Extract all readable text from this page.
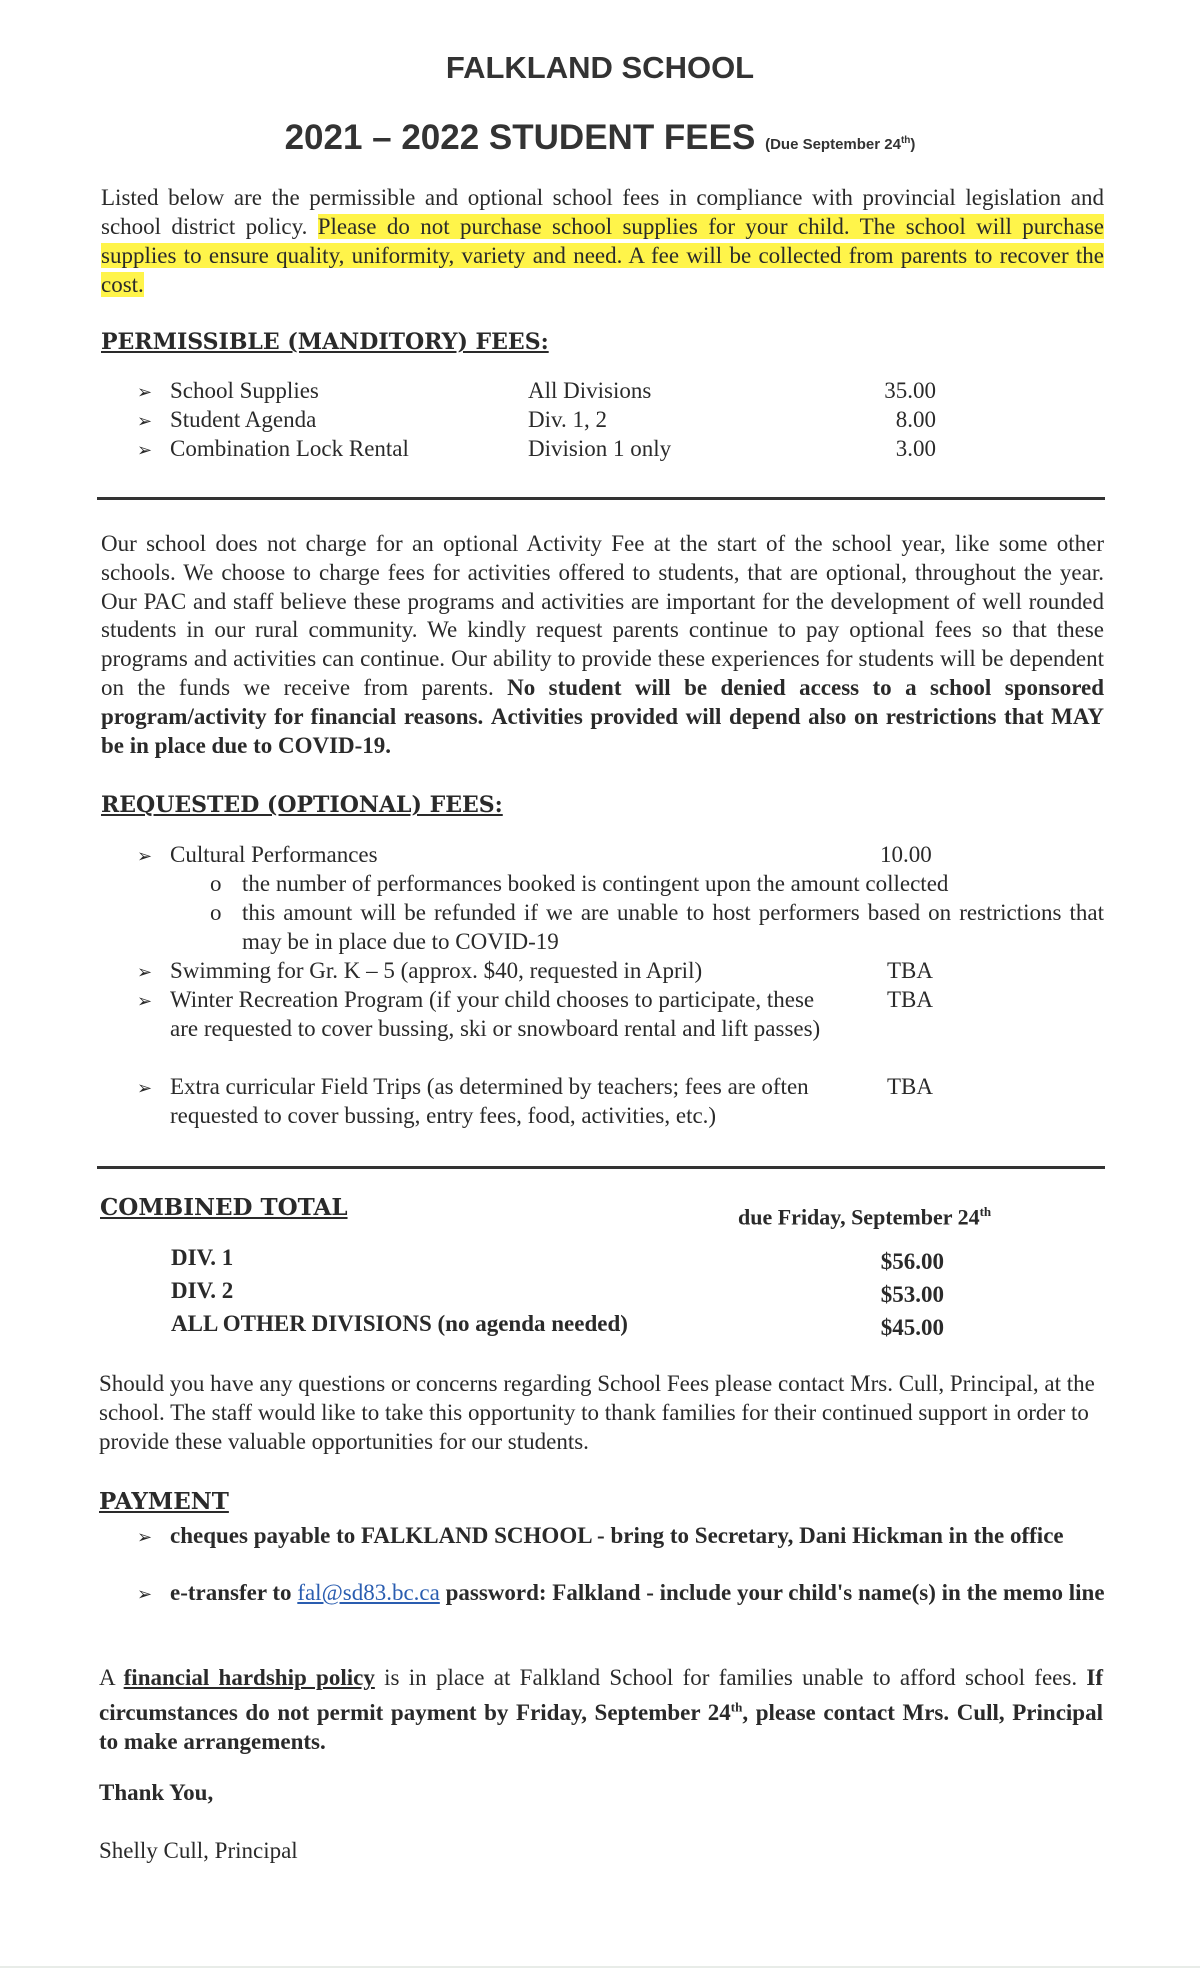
FALKLAND SCHOOL
2021 – 2022 STUDENT FEES (Due September 24th)
Listed below are the permissible and optional school fees in compliance with provincial legislation and school district policy. Please do not purchase school supplies for your child. The school will purchase supplies to ensure quality, uniformity, variety and need. A fee will be collected from parents to recover the cost.
PERMISSIBLE (MANDITORY) FEES:
➢ School Supplies	All Divisions	35.00
➢ Student Agenda	Div. 1, 2	8.00
➢ Combination Lock Rental	Division 1 only	3.00
Our school does not charge for an optional Activity Fee at the start of the school year, like some other schools. We choose to charge fees for activities offered to students, that are optional, throughout the year. Our PAC and staff believe these programs and activities are important for the development of well rounded students in our rural community. We kindly request parents continue to pay optional fees so that these programs and activities can continue. Our ability to provide these experiences for students will be dependent on the funds we receive from parents. No student will be denied access to a school sponsored program/activity for financial reasons. Activities provided will depend also on restrictions that MAY be in place due to COVID-19.
REQUESTED (OPTIONAL) FEES:
➢ Cultural Performances	10.00
o the number of performances booked is contingent upon the amount collected
o this amount will be refunded if we are unable to host performers based on restrictions that may be in place due to COVID-19
➢ Swimming for Gr. K – 5 (approx. $40, requested in April)	TBA
➢ Winter Recreation Program (if your child chooses to participate, these are requested to cover bussing, ski or snowboard rental and lift passes)
TBA
➢ Extra curricular Field Trips (as determined by teachers; fees are often requested to cover bussing, entry fees, food, activities, etc.)
TBA
COMBINED TOTAL	due Friday, September 24th
DIV. 1	$56.00
DIV. 2	$53.00
ALL OTHER DIVISIONS (no agenda needed)	$45.00
Should you have any questions or concerns regarding School Fees please contact Mrs. Cull, Principal, at the school. The staff would like to take this opportunity to thank families for their continued support in order to provide these valuable opportunities for our students.
PAYMENT
➢ cheques payable to FALKLAND SCHOOL - bring to Secretary, Dani Hickman in the office
➢ e-transfer to fal@sd83.bc.ca password: Falkland - include your child's name(s) in the memo line
A financial hardship policy is in place at Falkland School for families unable to afford school fees. If circumstances do not permit payment by Friday, September 24th, please contact Mrs. Cull, Principal to make arrangements.
Thank You,
Shelly Cull, Principal
